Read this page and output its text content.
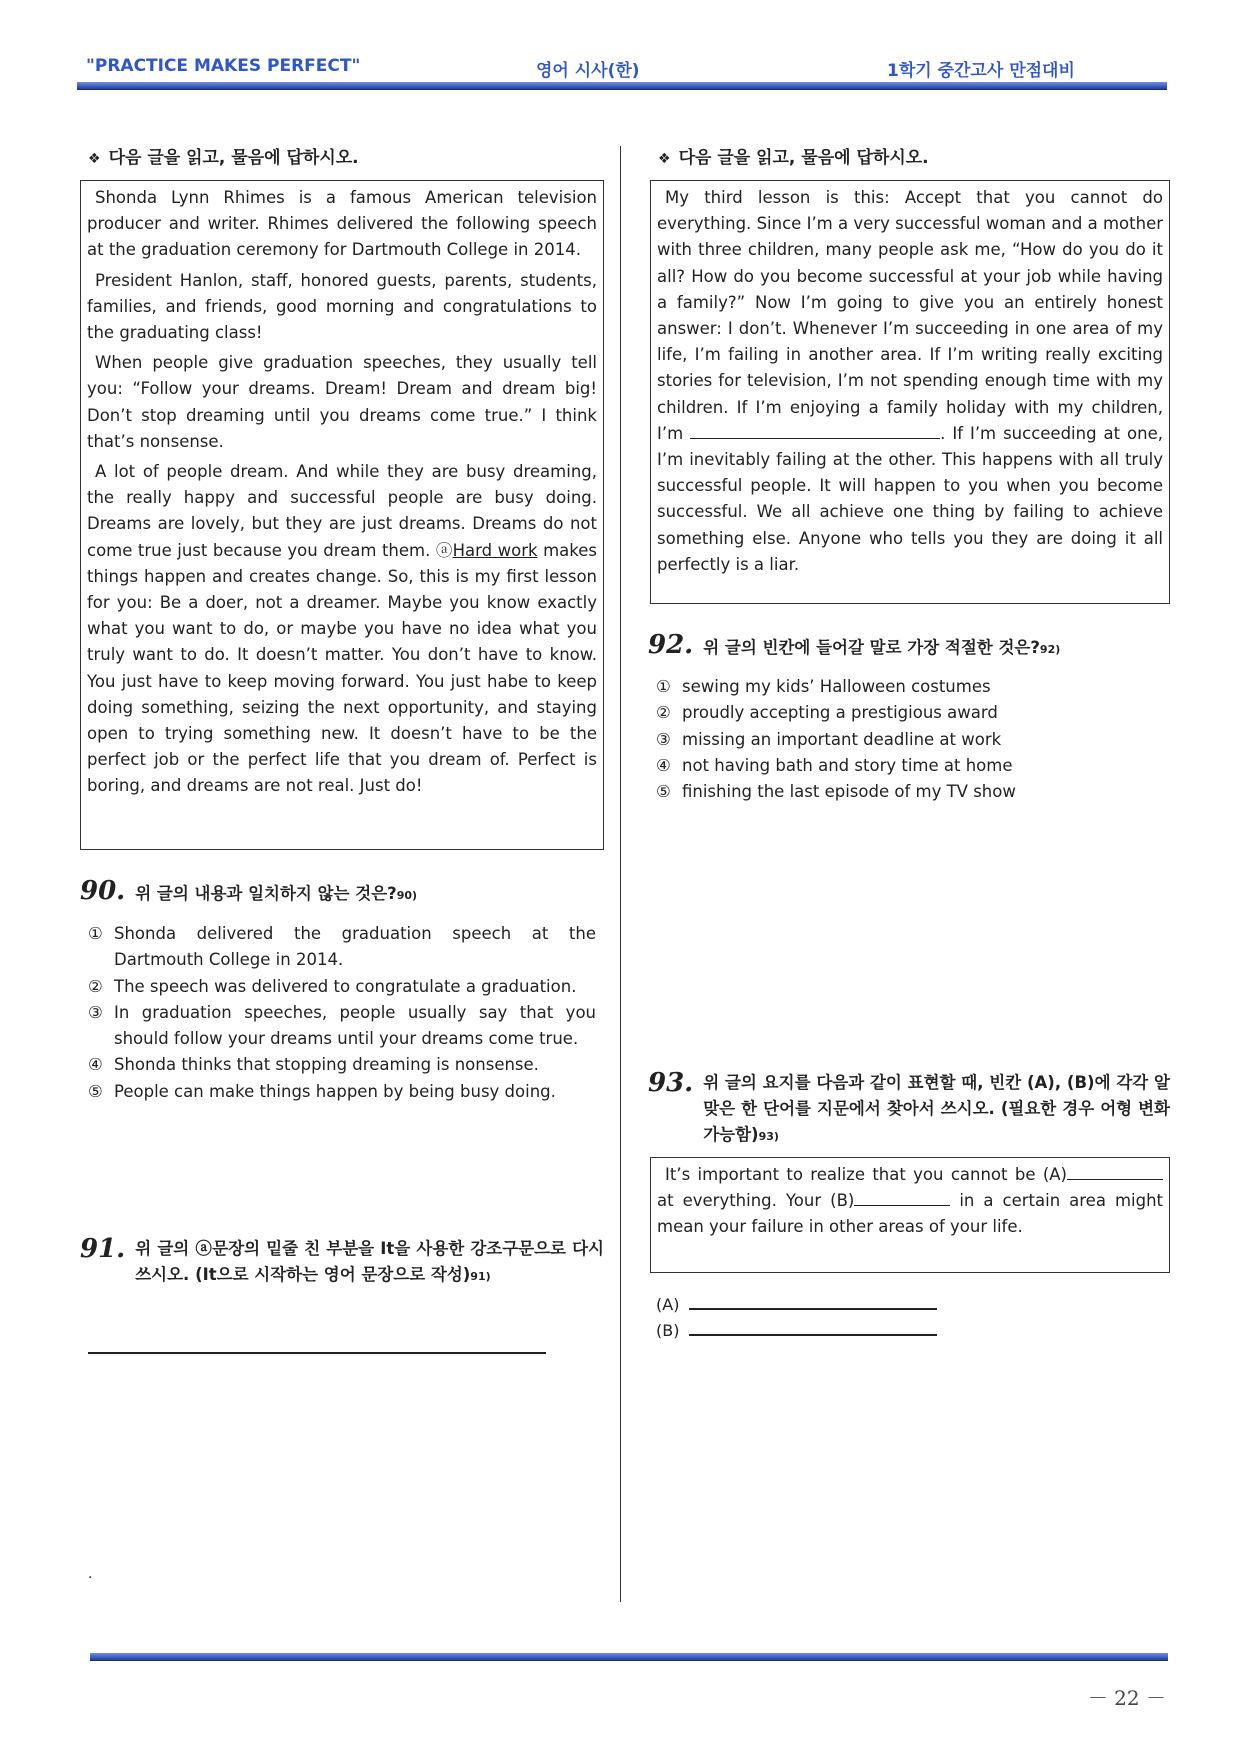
"PRACTICE MAKES PERFECT"	영어 시사(한)	1학기 중간고사 만점대비
❖ 다음 글을 읽고, 물음에 답하시오.

Shonda Lynn Rhimes is a famous American television producer and writer. Rhimes delivered the following speech at the graduation ceremony for Dartmouth College in 2014.

President Hanlon, staff, honored guests, parents, students, families, and friends, good morning and congratulations to the graduating class!

When people give graduation speeches, they usually tell you: “Follow your dreams. Dream! Dream and dream big! Don’t stop dreaming until you dreams come true.” I think that’s nonsense.

A lot of people dream. And while they are busy dreaming, the really happy and successful people are busy doing. Dreams are lovely, but they are just dreams. Dreams do not come true just because you dream them. ⓐHard work makes things happen and creates change. So, this is my first lesson for you: Be a doer, not a dreamer. Maybe you know exactly what you want to do, or maybe you have no idea what you truly want to do. It doesn’t matter. You don’t have to know. You just have to keep moving forward. You just habe to keep doing something, seizing the next opportunity, and staying open to trying something new. It doesn’t have to be the perfect job or the perfect life that you dream of. Perfect is boring, and dreams are not real. Just do!

90. 위 글의 내용과 일치하지 않는 것은?90)
① Shonda delivered the graduation speech at the Dartmouth College in 2014.
② The speech was delivered to congratulate a graduation.
③ In graduation speeches, people usually say that you should follow your dreams until your dreams come true.
④ Shonda thinks that stopping dreaming is nonsense.
⑤ People can make things happen by being busy doing.
91. 위 글의 ⓐ문장의 밑줄 친 부분을 It을 사용한 강조구문으로 다시 쓰시오. (It으로 시작하는 영어 문장으로 작성)91)
.
❖ 다음 글을 읽고, 물음에 답하시오.

My third lesson is this: Accept that you cannot do everything. Since I’m a very successful woman and a mother with three children, many people ask me, “How do you do it all? How do you become successful at your job while having a family?” Now I’m going to give you an entirely honest answer: I don’t. Whenever I’m succeeding in one area of my life, I’m failing in another area. If I’m writing really exciting stories for television, I’m not spending enough time with my children. If I’m enjoying a family holiday with my children, I’m	. If I’m succeeding at one, I’m inevitably failing at the other. This happens with all truly successful people. It will happen to you when you become successful. We all achieve one thing by failing to achieve something else. Anyone who tells you they are doing it all perfectly is a liar.

92. 위 글의 빈칸에 들어갈 말로 가장 적절한 것은?92)
① sewing my kids’ Halloween costumes
② proudly accepting a prestigious award
③ missing an important deadline at work
④ not having bath and story time at home
⑤ finishing the last episode of my TV show
93. 위 글의 요지를 다음과 같이 표현할 때, 빈칸 (A), (B)에 각각 알맞은 한 단어를 지문에서 찾아서 쓰시오. (필요한 경우 어형 변화 가능함)93)

It’s important to realize that you cannot be (A) at everything. Your (B)	in a certain area might mean your failure in other areas of your life.

(A)
(B)
－ 22 －
